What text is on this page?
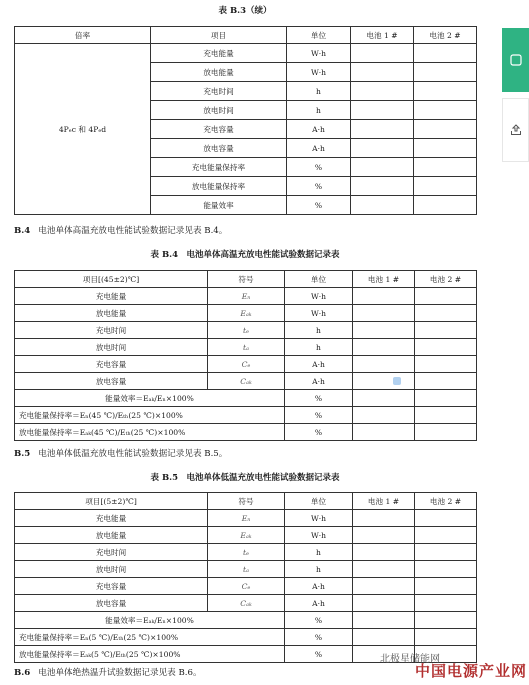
表 B.3（续）
倍率	项目	单位	电池 1 #	电池 2 #
4Pₑc 和 4Pₑd	充电能量	W·h		
	放电能量	W·h		
	充电时间	h		
	放电时间	h		
	充电容量	A·h		
	放电容量	A·h		
	充电能量保持率	%		
	放电能量保持率	%		
	能量效率	%		
B.4 电池单体高温充放电性能试验数据记录见表 B.4。
表 B.4　电池单体高温充放电性能试验数据记录表
项目[(45±2)℃]	符号	单位	电池 1 #	电池 2 #
充电能量	Eₙ	W·h		
放电能量	Eₐₖ	W·h		
充电时间	tₑ	h		
放电时间	tₐ	h		
充电容量	Cₑ	A·h		
放电容量	Cₐₖ	A·h		
能量效率＝Eₐₖ/Eₙ×100%		%		
充电能量保持率＝Eₙ(45 ℃)/Eₜₕ(25 ℃)×100%		%		
放电能量保持率＝Eₐₖ(45 ℃)/Eₜₕ(25 ℃)×100%		%		
B.5 电池单体低温充放电性能试验数据记录见表 B.5。
表 B.5　电池单体低温充放电性能试验数据记录表
项目[(5±2)℃]	符号	单位	电池 1 #	电池 2 #
充电能量	Eₙ	W·h		
放电能量	Eₐₖ	W·h		
充电时间	tₑ	h		
放电时间	tₐ	h		
充电容量	Cₑ	A·h		
放电容量	Cₐₖ	A·h		
能量效率＝Eₐₖ/Eₙ×100%		%		
充电能量保持率＝Eₙ(5 ℃)/Eₜₕ(25 ℃)×100%		%		
放电能量保持率＝Eₐₖ(5 ℃)/Eₜₕ(25 ℃)×100%		%		
B.6 电池单体绝热温升试验数据记录见表 B.6。
北极星储能网
中国电源产业网
